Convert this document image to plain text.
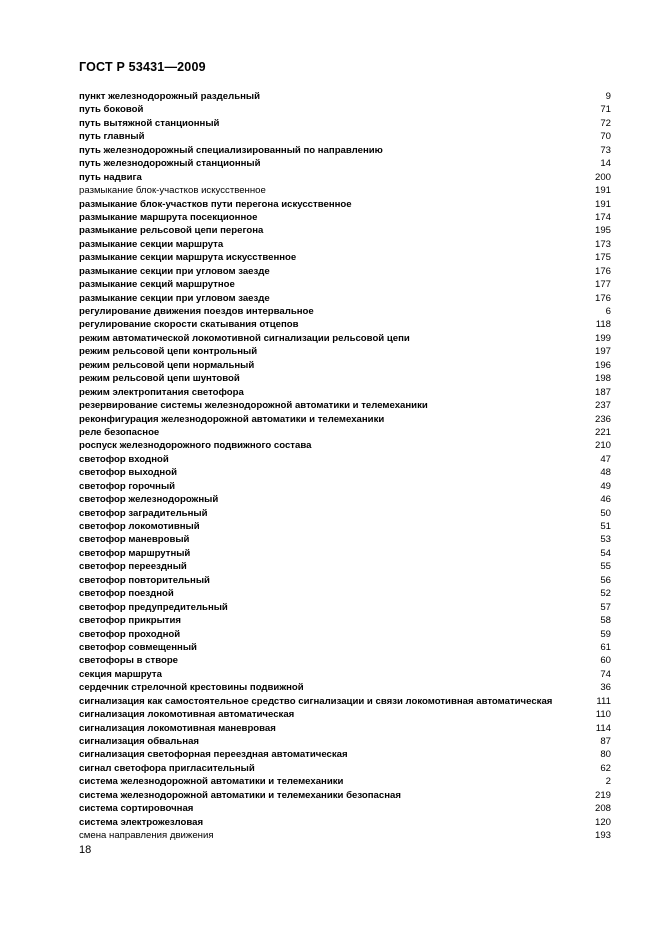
ГОСТ Р 53431—2009
пункт железнодорожный раздельный	9
путь боковой	71
путь вытяжной станционный	72
путь главный	70
путь железнодорожный специализированный по направлению	73
путь железнодорожный станционный	14
путь надвига	200
размыкание блок-участков искусственное	191
размыкание блок-участков пути перегона искусственное	191
размыкание маршрута посекционное	174
размыкание рельсовой цепи перегона	195
размыкание секции маршрута	173
размыкание секции маршрута искусственное	175
размыкание секции при угловом заезде	176
размыкание секций маршрутное	177
размыкание секции при угловом заезде	176
регулирование движения поездов интервальное	6
регулирование скорости скатывания отцепов	118
режим автоматической локомотивной сигнализации рельсовой цепи	199
режим рельсовой цепи контрольный	197
режим рельсовой цепи нормальный	196
режим рельсовой цепи шунтовой	198
режим электропитания светофора	187
резервирование системы железнодорожной автоматики и телемеханики	237
реконфигурация железнодорожной автоматики и телемеханики	236
реле безопасное	221
роспуск железнодорожного подвижного состава	210
светофор входной	47
светофор выходной	48
светофор горочный	49
светофор железнодорожный	46
светофор заградительный	50
светофор локомотивный	51
светофор маневровый	53
светофор маршрутный	54
светофор переездный	55
светофор повторительный	56
светофор поездной	52
светофор предупредительный	57
светофор прикрытия	58
светофор проходной	59
светофор совмещенный	61
светофоры в створе	60
секция маршрута	74
сердечник стрелочной крестовины подвижной	36
сигнализация как самостоятельное средство сигнализации и связи локомотивная автоматическая	111
сигнализация локомотивная автоматическая	110
сигнализация локомотивная маневровая	114
сигнализация обвальная	87
сигнализация светофорная переездная автоматическая	80
сигнал светофора пригласительный	62
система железнодорожной автоматики и телемеханики	2
система железнодорожной автоматики и телемеханики безопасная	219
система сортировочная	208
система электрожезловая	120
смена направления движения	193
18
